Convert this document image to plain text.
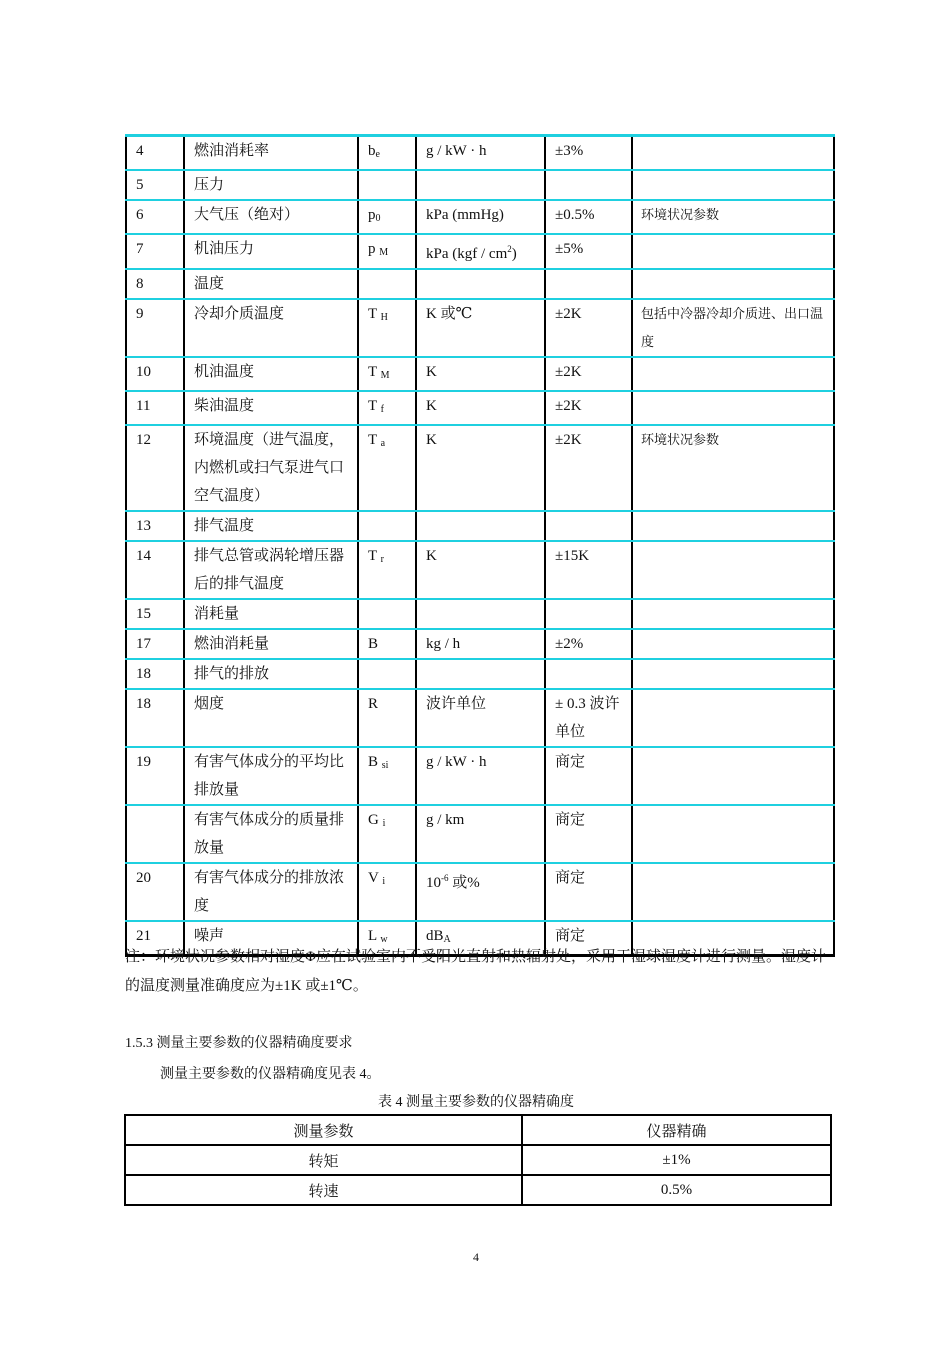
4	燃油消耗率	$b_e$	g / kW · h	±3%	
5	压力				
6	大气压（绝对）	$p_0$	kPa (mmHg)	±0.5%	环境状况参数
7	机油压力	p $_M$	kPa $(kgf / cm^2)$	±5%	
8	温度				
9	冷却介质温度	T $_H$	K 或℃	±2K	包括中冷器冷却介质进、出口温度
10	机油温度	T $_M$	K	±2K	
11	柴油温度	T $_f$	K	±2K	
12	环境温度（进气温度，内燃机或扫气泵进气口空气温度）	T $_a$	K	±2K	环境状况参数
13	排气温度				
14	排气总管或涡轮增压器后的排气温度	T $_r$	K	±15K	
15	消耗量				
17	燃油消耗量	B	kg / h	±2%	
18	排气的排放				
18	烟度	R	波许单位	± 0.3 波许单位	
19	有害气体成分的平均比排放量	B $_{si}$	g / kW · h	商定	
	有害气体成分的质量排放量	G $_i$	g / km	商定	
20	有害气体成分的排放浓度	V $_i$	$10^{-6}$ 或%	商定	
21	噪声	L $_w$	$dB_A$	商定	

注：环境状况参数相对湿度Φ应在试验室内不受阳光直射和热辐射处，采用干湿球湿度计进行测量。湿度计的温度测量准确度应为±1K 或±1℃。

1.5.3 测量主要参数的仪器精确度要求

测量主要参数的仪器精确度见表 4。

表 4 测量主要参数的仪器精确度

测量参数	仪器精确
转矩	±1%
转速	0.5%

4
